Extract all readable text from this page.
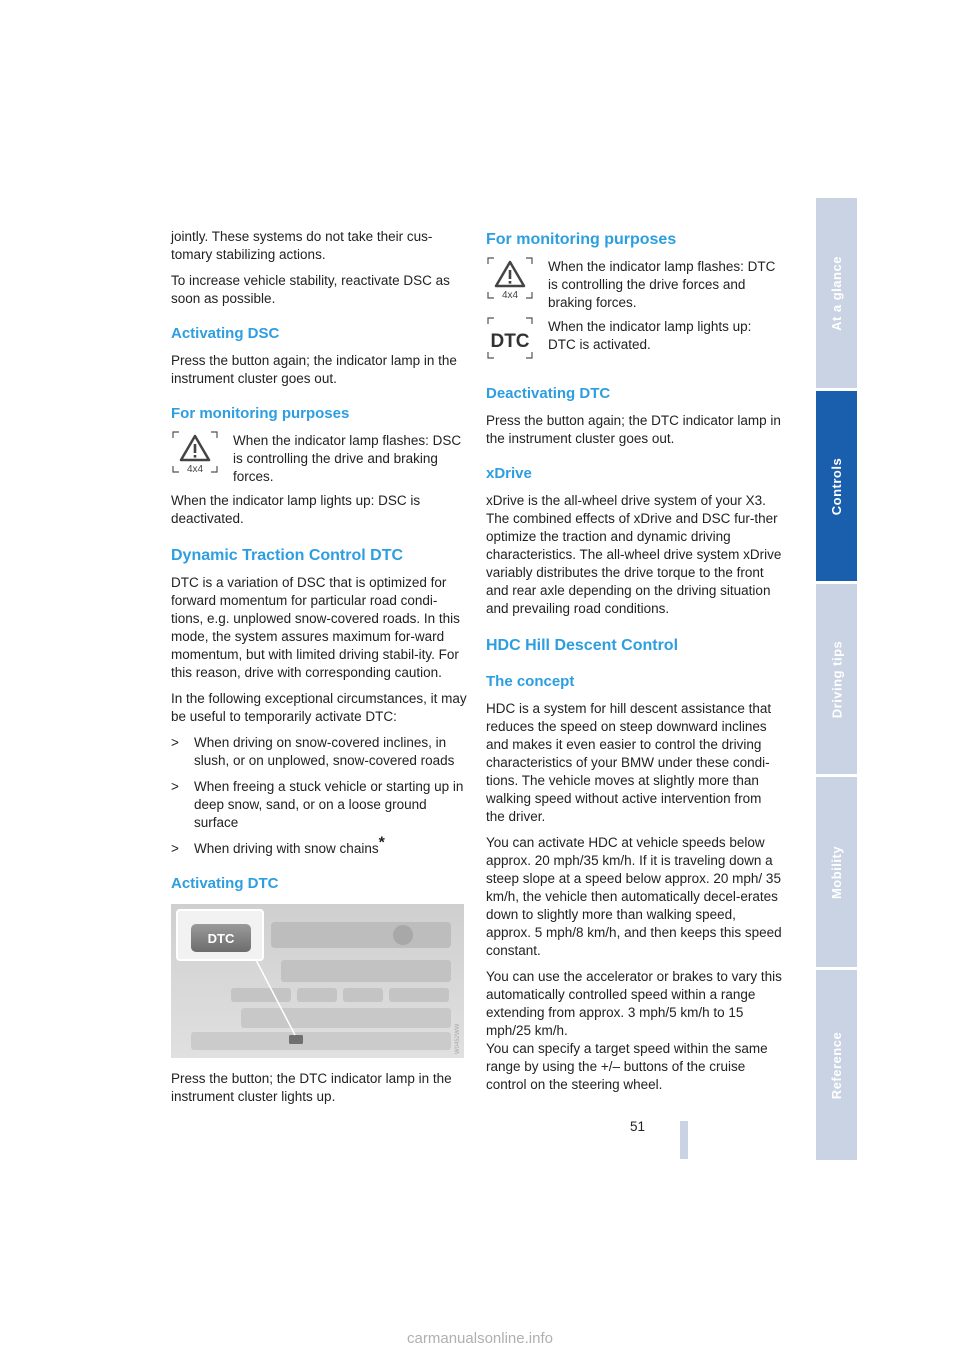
jointly. These systems do not take their cus-tomary stabilizing actions.

To increase vehicle stability, reactivate DSC as soon as possible.

Activating DSC

Press the button again; the indicator lamp in the instrument cluster goes out.

For monitoring purposes
4x4
When the indicator lamp flashes: DSC is controlling the drive and braking forces.

When the indicator lamp lights up: DSC is deactivated.

Dynamic Traction Control DTC

DTC is a variation of DSC that is optimized for forward momentum for particular road condi-tions, e.g. unplowed snow-covered roads. In this mode, the system assures maximum for-ward momentum, but with limited driving stabil-ity. For this reason, drive with corresponding caution.

In the following exceptional circumstances, it may be useful to temporarily activate DTC:

> When driving on snow-covered inclines, in slush, or on unplowed, snow-covered roads
> When freeing a stuck vehicle or starting up in deep snow, sand, or on a loose ground surface
> When driving with snow chains*
Activating DTC
DTC
W0452WW

Press the button; the DTC indicator lamp in the instrument cluster lights up.

For monitoring purposes
4x4
When the indicator lamp flashes: DTC is controlling the drive forces and braking forces.
DTC
When the indicator lamp lights up: DTC is activated.
Deactivating DTC

Press the button again; the DTC indicator lamp in the instrument cluster goes out.

xDrive

xDrive is the all-wheel drive system of your X3. The combined effects of xDrive and DSC fur-ther optimize the traction and dynamic driving characteristics. The all-wheel drive system xDrive variably distributes the drive torque to the front and rear axle depending on the driving situation and prevailing road conditions.

HDC Hill Descent Control
The concept

HDC is a system for hill descent assistance that reduces the speed on steep downward inclines and makes it even easier to control the driving characteristics of your BMW under these condi-tions. The vehicle moves at slightly more than walking speed without active intervention from the driver.

You can activate HDC at vehicle speeds below approx. 20 mph/35 km/h. If it is traveling down a steep slope at a speed below approx. 20 mph/ 35 km/h, the vehicle then automatically decel-erates down to slightly more than walking speed, approx. 5 mph/8 km/h, and then keeps this speed constant.

You can use the accelerator or brakes to vary this automatically controlled speed within a range extending from approx. 3 mph/5 km/h to 15 mph/25 km/h.

You can specify a target speed within the same range by using the +/– buttons of the cruise control on the steering wheel.

At a glance
Controls
Driving tips
Mobility
Reference
51
carmanualsonline.info
